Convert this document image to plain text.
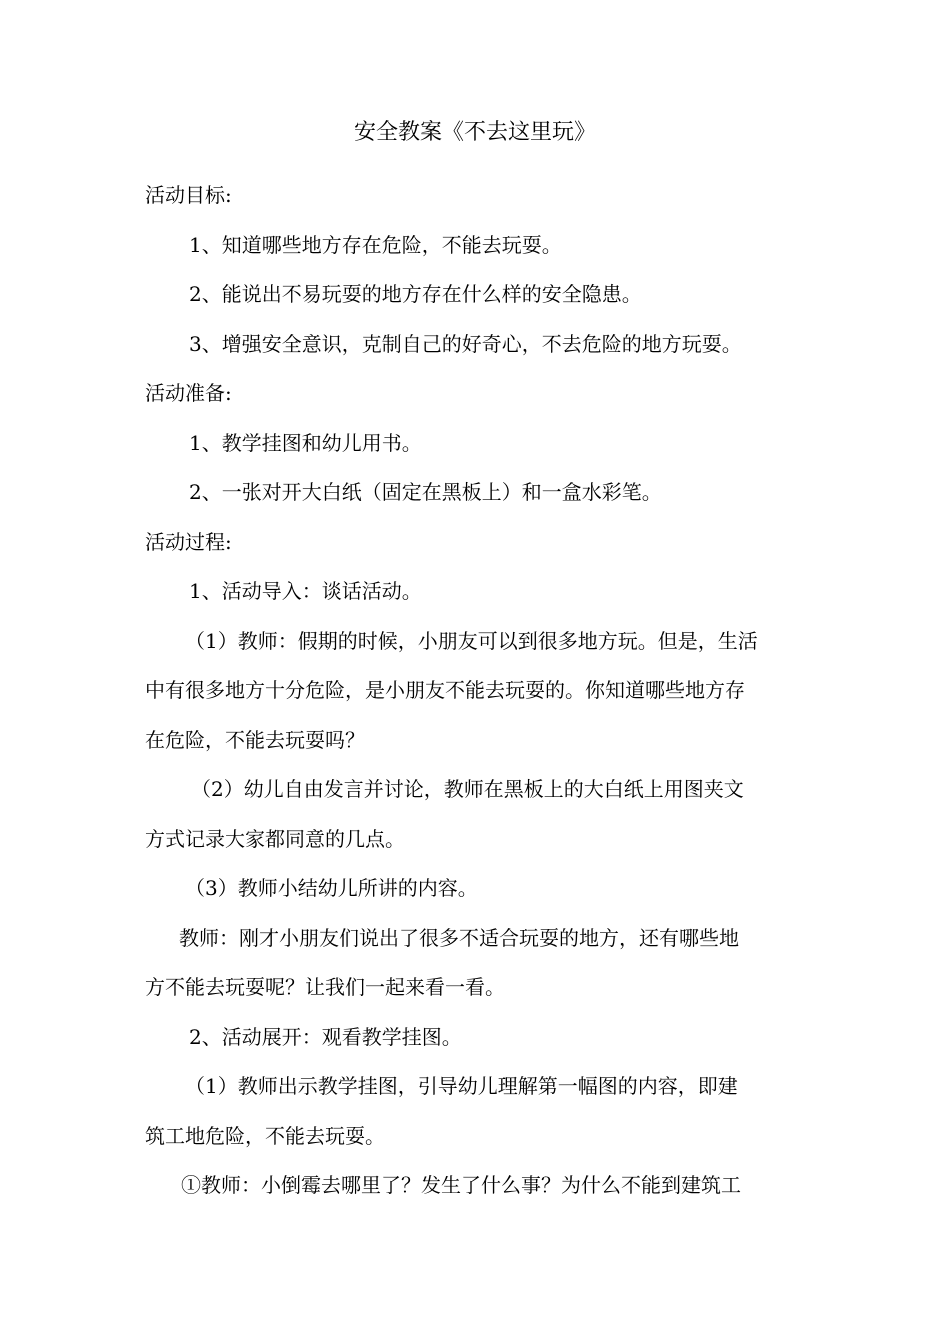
安全教案《不去这里玩》

活动目标:

1、知道哪些地方存在危险，不能去玩耍。

2、能说出不易玩耍的地方存在什么样的安全隐患。

3、增强安全意识，克制自己的好奇心，不去危险的地方玩耍。

活动准备:

1、教学挂图和幼儿用书。

2、一张对开大白纸（固定在黑板上）和一盒水彩笔。

活动过程:

1、活动导入：谈话活动。

（1）教师：假期的时候，小朋友可以到很多地方玩。但是，生活

中有很多地方十分危险，是小朋友不能去玩耍的。你知道哪些地方存

在危险，不能去玩耍吗？

（2）幼儿自由发言并讨论，教师在黑板上的大白纸上用图夹文

方式记录大家都同意的几点。

（3）教师小结幼儿所讲的内容。

教师：刚才小朋友们说出了很多不适合玩耍的地方，还有哪些地

方不能去玩耍呢？让我们一起来看一看。

2、活动展开：观看教学挂图。

（1）教师出示教学挂图，引导幼儿理解第一幅图的内容，即建

筑工地危险，不能去玩耍。

①教师：小倒霉去哪里了？发生了什么事？为什么不能到建筑工
